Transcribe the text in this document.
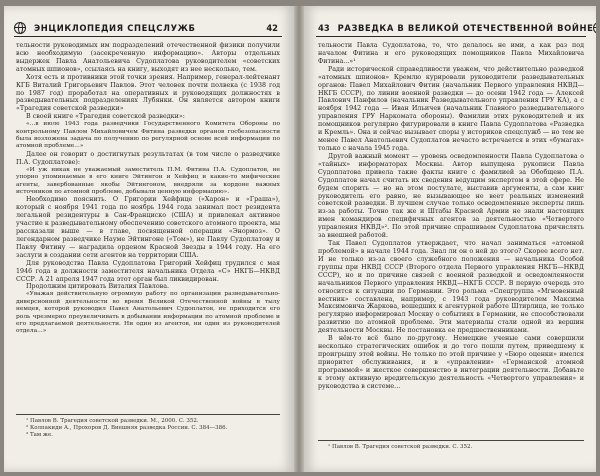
ЭНЦИКЛОПЕДИЯ СПЕЦСЛУЖБ	42

тельности руководимых им подразделений отечественной физики получили всю необходимую (засекреченную информацию». Авторы отдельных выдержек Павла Анатольевича Судоплатова руководителем «советских атомных шпионов», ссылаясь на книгу, выходят из нее несколько, тем.

Хотя есть и противники этой точки зрения. Например, генерал-лейтенант КГБ Виталий Григорьевич Павлов. Этот человек почти полвека (с 1938 год по 1987 год) проработал на оперативных и руководящих должностях в разведывательных подразделениях Лубянки. Он является автором книги «Трагедия советской разведки»

В своей книге «Трагедия советской разведки»:

«...в июле 1943 года разведчики Государственного Комитета Обороны по контрольному Павлом Михайловичем Фитина разведки органов госбезопасности была возложена задача по получению по регулярной основе всей информации по атомной проблеме...»

Далее он говорит о достигнутых результатах (в том числе о разведчике П.А. Судоплатове):

«И уж никак не уважаемый заместитель П.М. Фитина П.А. Судоплатов, не упорно упоминаемые в его книге Эйтингон и Хейфиц и какие-то мифические агенты, завербованные якобы Эйтингоном, внедряли за кордоне важных источников по атомной проблеме, добывали ценную информацию».

Необходимо пояснить. О Григории Хейфице («Харон» и «Граша»), который с ноября 1941 года по ноябрь 1944 года занимал пост резидента легальной резидентуры в Сан-Франциско (США) и привлекал активное участие к разведывательному обеспечению советского атомного проекта, мы рассказали выше — в главе, посвященной операции «Энормоз». О легендарном разведчике Науме Эйтингоне («Том»), не Павлу Судоплатову и Павлу Фитину — наградила орденом Красной Звезды в 1944 году. На его заслуги в создании сети агентов на территории США.

Для руководства Павла Судоплатова Григорий Хейфиц трудился с мая 1946 года в должности заместителя начальника Отдела «С» НКГБ—НКВД СССР. А 21 апреля 1947 года этот орган был ликвидирован.

Продолжим цитировать Виталия Павлова.

«Уважая действительную огромную работу по организации разведывательно-диверсионной деятельности во время Великой Отечественной войны в тылу немцев, которой руководил Павел Анатольевич Судоплатов, не приходится его роль чрезмерно преувеличивать в добывании информации по атомной проблеме и его предлагаемой деятельности. Ни один из агентов, ни один из руководителей отдела...»

¹ Павлов В. Трагедия советской разведки. М., 2000. С. 352.

² Колпакиди А., Прохоров Д. Внешняя разведка России. С. 384—386.

³ Там же.

43 РАЗВЕДКА В ВЕЛИКОЙ ОТЕЧЕСТВЕННОЙ ВОЙНЕ

тельности Павла Судоплатова, то, что делалось не ими, а как раз под началом Фитина и его руководящих помощников Павла Михайловича Фитина...»¹

Ради исторической справедливости уважем, что действительно разведкой «атомных шпионов» Кремлю курировали руководители разведывательных органов: Павел Михайлович Фитин (начальник Первого управления НКВД—НКГБ СССР), по линии военной разведки — до осени 1942 года — Алексей Павлович Панфилов (начальник Разведывательного управления ГРУ КА), а с ноября 1942 года — Иван Ильичев (начальник Главного разведывательного управления ГРУ Наркомата обороны). Фамилии этих руководителей и их помощников регулярно фигурировали в книге Павла Судоплатова «Разведка и Кремль». Она и сейчас вызывает споры у историков спецслужб — но тем не менее Павел Анатольевич Судоплатов нечасто встречается в этих «бумагах» только с начала 1945 года.

Другой важный момент — уровень осведомленности Павла Судоплатова о «тайных» информаторах Москвы. Автор выпущена рукописи Павла Судоплатова привела такие факты книге с фамилией за Обобщено П.А. Судоплатов начал считать их сведения ведущим экспертом в этой сфере. Не будем спорить — но на этом постулате, выставив аргументы, а сам книг руководитель его равно, не вызывающее не веет реальных изменений советской разведки. В лучшем случае только осведомленные эксперты лишь из-за работы. Точно так же и Штабы Красной Армии не знали настоящих имен командиров специфичных агентов за деятельностью «Четвертого управления НКВД»². По этой причине спрашиваем Судоплатова причислять за внешней работой.

Так Павел Судоплатов утверждает, что начал заниматься «атомной проблемой» в начале 1944 года. Знал ли он о ней до этого? Скорее всего нет. И не только из-за своего служебного положения — начальника Особой группы при НКВД СССР (Второго отдела Первого управления НКГБ—НКВД СССР), но и по причине связей с военной разведкой и осведомленности начальников Первого управления НКВД—НКГБ СССР. В первую очередь это относится к ситуации по Германии. Это рольма «Спецгруппа «Мгновенный вестник» составлена, например, с 1943 года руководителем Максима Максимовича Жаркова, вошедших к агентурной работе Штирлица, не только регулярно информировал Москву о событиях в Германии, не способствовали развитию по атомной проблеме. Эти материалы стали одной из вершин деятельности Москвы. Не постановка ее предшественниками.

В нём-то всё было по-другому. Немецкие ученые сами совершили несколько стратегических ошибок и до того пошли путем, приведшему к проигрышу этой войны. Не только по этой причине у «Бюро оценки» имелся приоритет обслуживания, и в «управлении» «Германской атомной программой» и жесткое совершенство в интеграции деятельности. Добавьте к этому активную вредительскую деятельность «Четвертого управления» и руководства в системе...

¹ Павлов В. Трагедия советской разведки. С. 352.
